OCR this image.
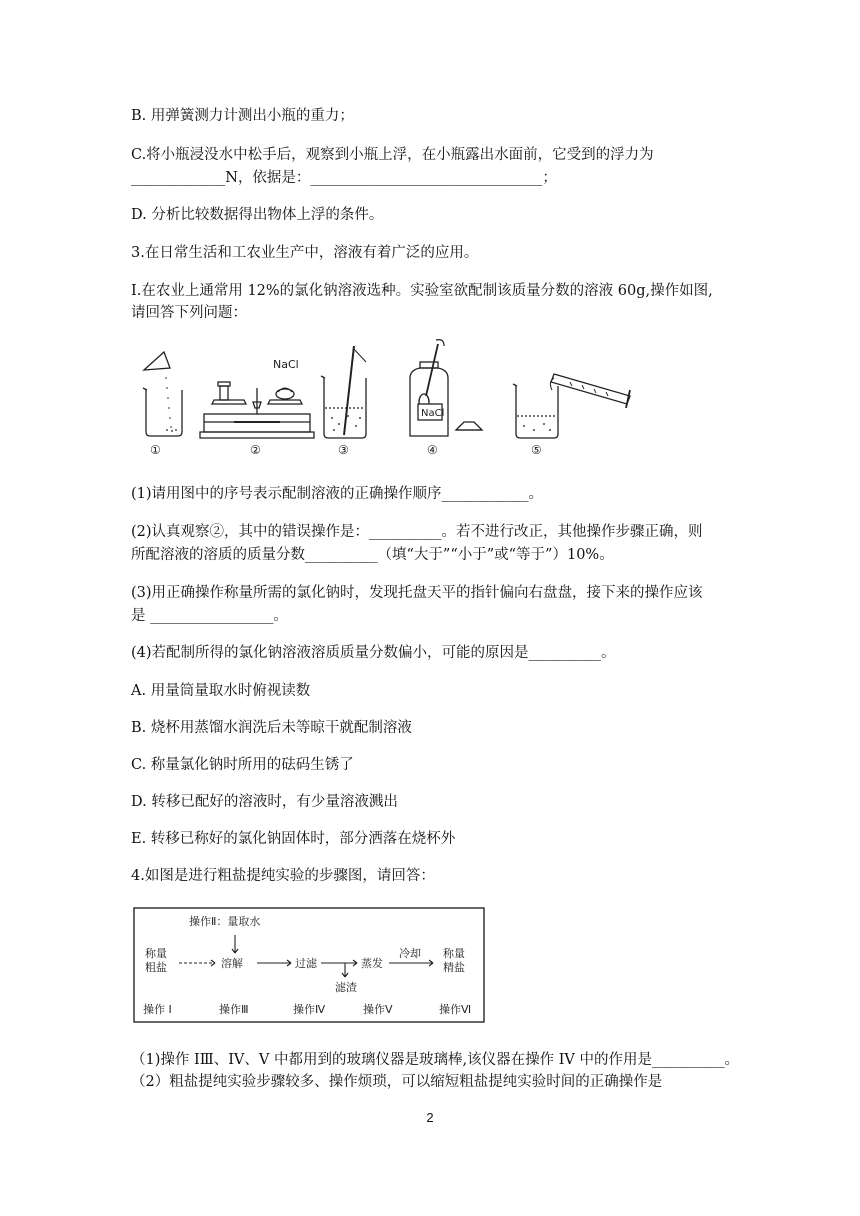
B. 用弹簧测力计测出小瓶的重力；
C.将小瓶浸没水中松手后，观察到小瓶上浮，在小瓶露出水面前，它受到的浮力为
_____________N，依据是：________________________________；
D. 分析比较数据得出物体上浮的条件。
3.在日常生活和工农业生产中，溶液有着广泛的应用。
Ⅰ.在农业上通常用 12%的氯化钠溶液选种。实验室欲配制该质量分数的溶液 60g,操作如图,
请回答下列问题：
NaCl
NaCl
①	②	③	④	⑤
(1)请用图中的序号表示配制溶液的正确操作顺序____________。
(2)认真观察②，其中的错误操作是：__________。若不进行改正，其他操作步骤正确，则
所配溶液的溶质的质量分数__________（填“大于”“小于”或“等于”）10%。
(3)用正确操作称量所需的氯化钠时，发现托盘天平的指针偏向右盘盘，接下来的操作应该
是 _________________。
(4)若配制所得的氯化钠溶液溶质质量分数偏小，可能的原因是__________。
A. 用量筒量取水时俯视读数
B. 烧杯用蒸馏水润洗后未等晾干就配制溶液
C. 称量氯化钠时所用的砝码生锈了
D. 转移已配好的溶液时，有少量溶液溅出
E. 转移已称好的氯化钠固体时，部分洒落在烧杯外
4.如图是进行粗盐提纯实验的步骤图，请回答：
操作Ⅱ：量取水
称量
粗盐	溶解	过滤	蒸发
冷却 称量
精盐
滤渣
操作 I	操作Ⅲ	操作Ⅳ	操作Ⅴ	操作Ⅵ
（1)操作 IⅢ、IV、V 中都用到的玻璃仪器是玻璃棒,该仪器在操作 IV 中的作用是__________。
（2）粗盐提纯实验步骤较多、操作烦琐，可以缩短粗盐提纯实验时间的正确操作是
2
